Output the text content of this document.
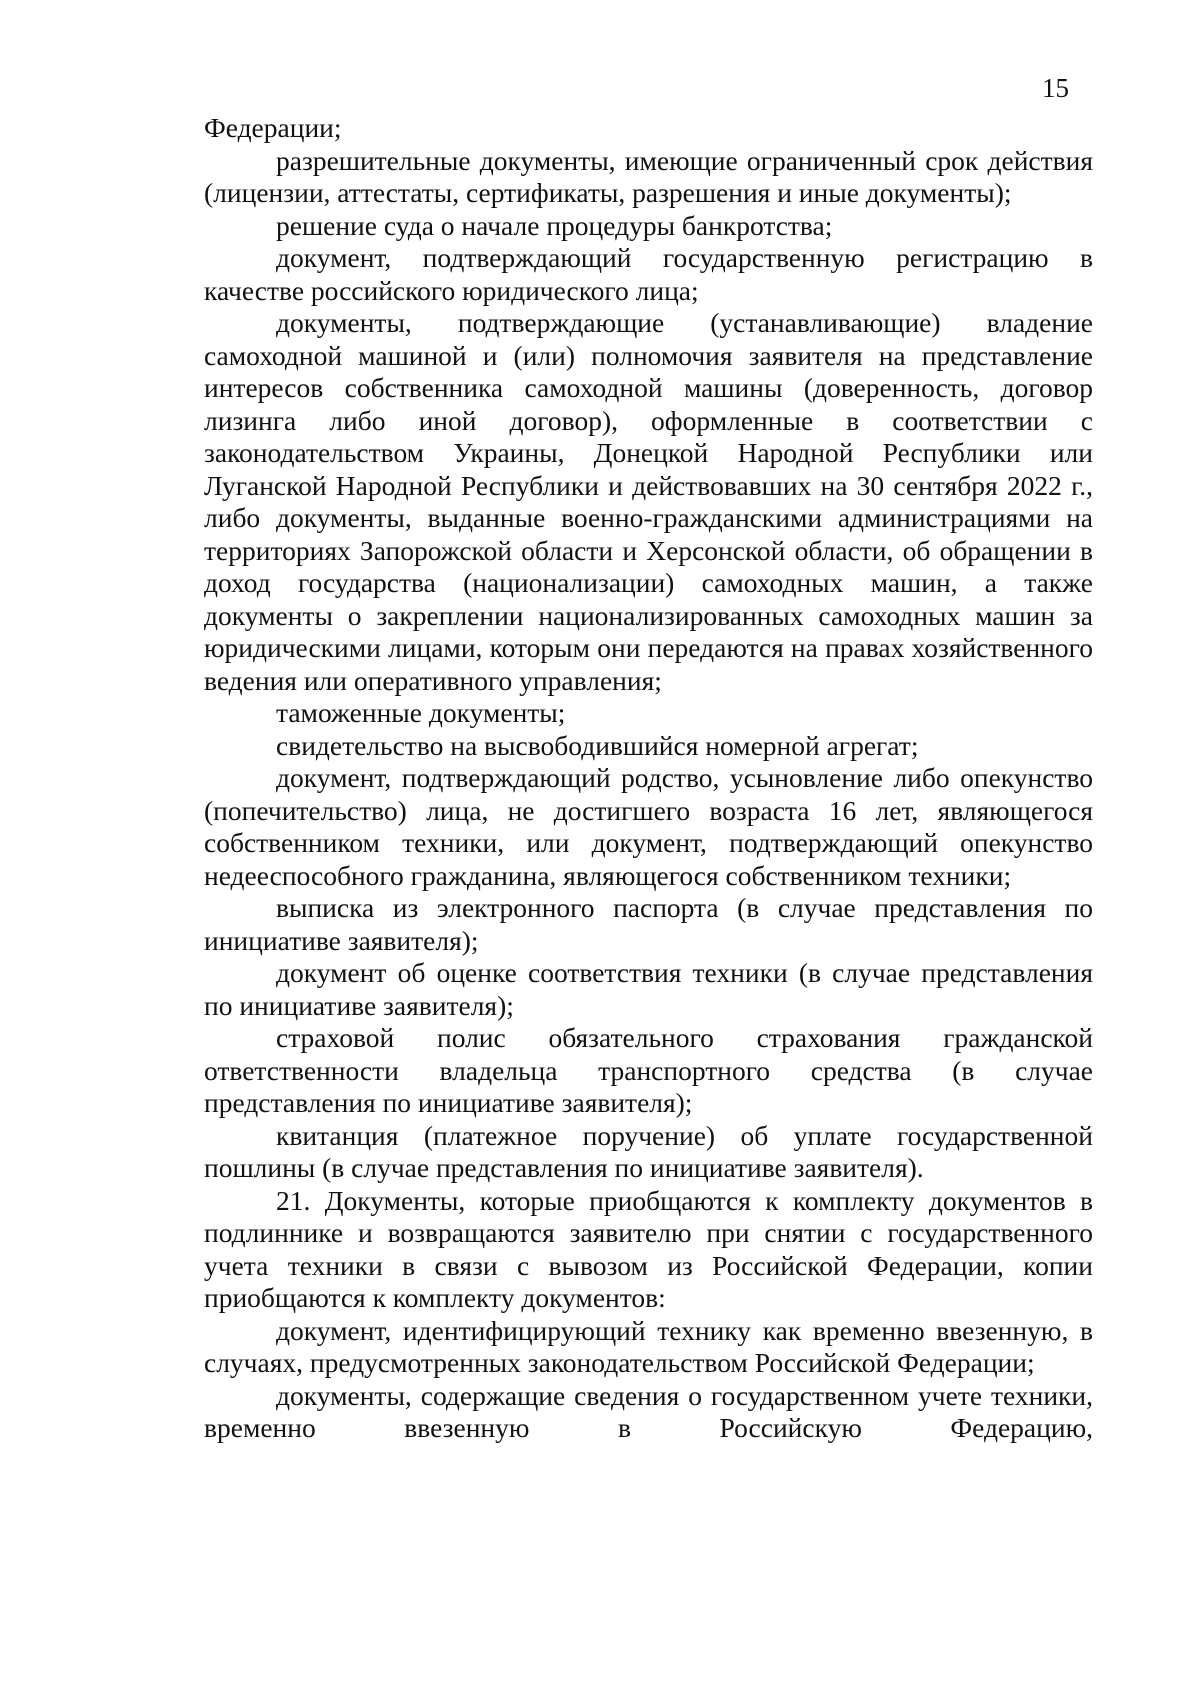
15

Федерации;

разрешительные документы, имеющие ограниченный срок действия (лицензии, аттестаты, сертификаты, разрешения и иные документы);

решение суда о начале процедуры банкротства;

документ, подтверждающий государственную регистрацию в качестве российского юридического лица;

документы, подтверждающие (устанавливающие) владение самоходной машиной и (или) полномочия заявителя на представление интересов собственника самоходной машины (доверенность, договор лизинга либо иной договор), оформленные в соответствии с законодательством Украины, Донецкой Народной Республики или Луганской Народной Республики и действовавших на 30 сентября 2022 г., либо документы, выданные военно-гражданскими администрациями на территориях Запорожской области и Херсонской области, об обращении в доход государства (национализации) самоходных машин, а также документы о закреплении национализированных самоходных машин за юридическими лицами, которым они передаются на правах хозяйственного ведения или оперативного управления;

таможенные документы;

свидетельство на высвободившийся номерной агрегат;

документ, подтверждающий родство, усыновление либо опекунство (попечительство) лица, не достигшего возраста 16 лет, являющегося собственником техники, или документ, подтверждающий опекунство недееспособного гражданина, являющегося собственником техники;

выписка из электронного паспорта (в случае представления по инициативе заявителя);

документ об оценке соответствия техники (в случае представления по инициативе заявителя);

страховой полис обязательного страхования гражданской ответственности владельца транспортного средства (в случае представления по инициативе заявителя);

квитанция (платежное поручение) об уплате государственной пошлины (в случае представления по инициативе заявителя).

21. Документы, которые приобщаются к комплекту документов в подлиннике и возвращаются заявителю при снятии с государственного учета техники в связи с вывозом из Российской Федерации, копии приобщаются к комплекту документов:

документ, идентифицирующий технику как временно ввезенную, в случаях, предусмотренных законодательством Российской Федерации;

документы, содержащие сведения о государственном учете техники, временно ввезенную в Российскую Федерацию,
